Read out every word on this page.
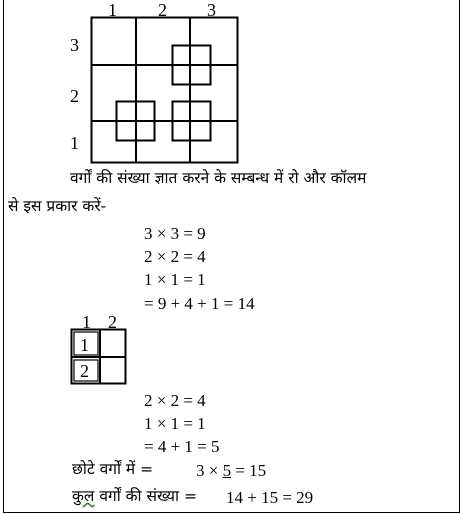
1 2 3
3
2
1
वर्गों की संख्या ज्ञात करने के सम्बन्ध में रो और कॉलम
से इस प्रकार करें-
3 × 3 = 9
2 × 2 = 4
1 × 1 = 1
= 9 + 4 + 1 = 14
1 2
1
2
2 × 2 = 4
1 × 1 = 1
= 4 + 1 = 5
छोटे वर्गों में =	3 × 5 = 15
कुल वर्गों की संख्या = 14 + 15 = 29
